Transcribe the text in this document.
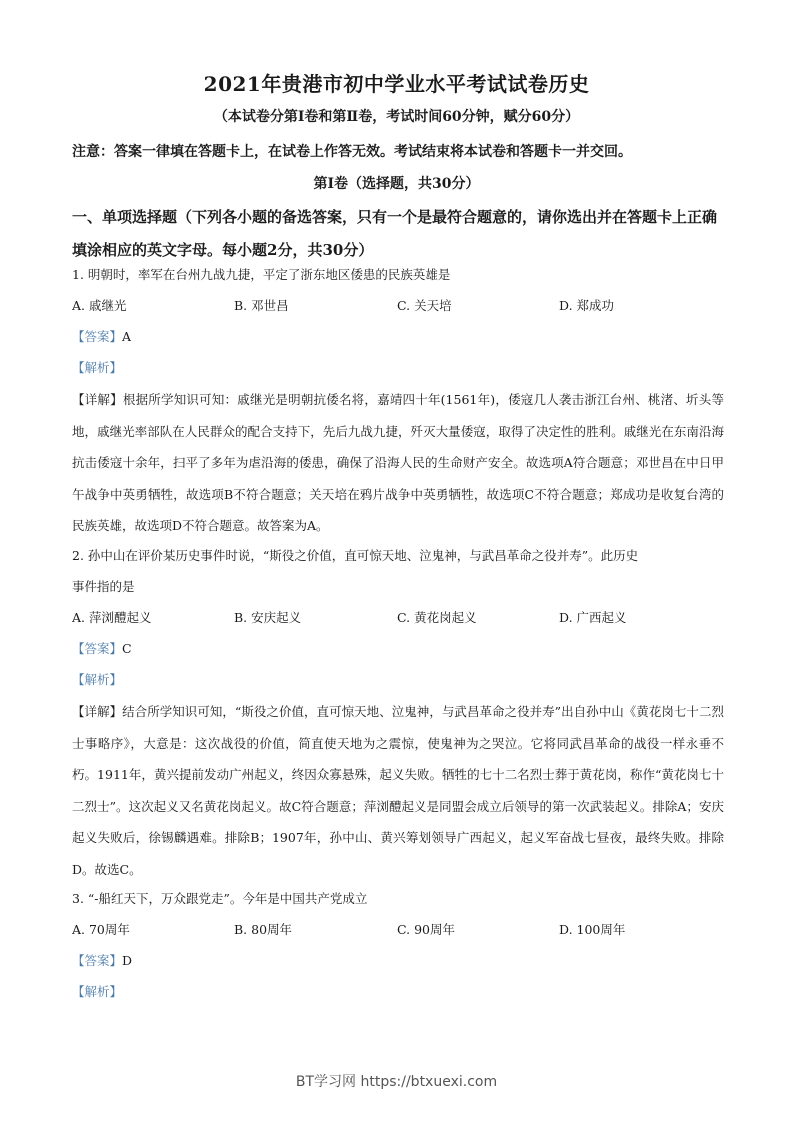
2021年贵港市初中学业水平考试试卷历史
（本试卷分第Ⅰ卷和第Ⅱ卷，考试时间60分钟，赋分60分）
注意：答案一律填在答题卡上，在试卷上作答无效。考试结束将本试卷和答题卡一并交回。
第Ⅰ卷（选择题，共30分）
一、单项选择题（下列各小题的备选答案，只有一个是最符合题意的，请你选出并在答题卡上正确填涂相应的英文字母。每小题2分，共30分）
1. 明朝时，率军在台州九战九捷，平定了浙东地区倭患的民族英雄是
A. 戚继光	B. 邓世昌	C. 关天培	D. 郑成功
【答案】A
【解析】
【详解】根据所学知识可知：戚继光是明朝抗倭名将，嘉靖四十年(1561年)，倭寇几人袭击浙江台州、桃渚、圻头等地，戚继光率部队在人民群众的配合支持下，先后九战九捷，歼灭大量倭寇，取得了决定性的胜利。戚继光在东南沿海抗击倭寇十余年，扫平了多年为虐沿海的倭患，确保了沿海人民的生命财产安全。故选项A符合题意；邓世昌在中日甲午战争中英勇牺牲，故选项B不符合题意；关天培在鸦片战争中英勇牺牲，故选项C不符合题意；郑成功是收复台湾的民族英雄，故选项D不符合题意。故答案为A。
2. 孙中山在评价某历史事件时说，“斯役之价值，直可惊天地、泣鬼神，与武昌革命之役并寿”。此历史
事件指的是
A. 萍浏醴起义	B. 安庆起义	C. 黄花岗起义	D. 广西起义
【答案】C
【解析】
【详解】结合所学知识可知，“斯役之价值，直可惊天地、泣鬼神，与武昌革命之役并寿”出自孙中山《黄花岗七十二烈士事略序》，大意是：这次战役的价值，简直使天地为之震惊，使鬼神为之哭泣。它将同武昌革命的战役一样永垂不朽。1911年，黄兴提前发动广州起义，终因众寡悬殊，起义失败。牺牲的七十二名烈士葬于黄花岗，称作“黄花岗七十二烈士”。这次起义又名黄花岗起义。故C符合题意；萍浏醴起义是同盟会成立后领导的第一次武装起义。排除A；安庆起义失败后，徐锡麟遇难。排除B；1907年，孙中山、黄兴筹划领导广西起义，起义军奋战七昼夜，最终失败。排除D。故选C。
3. “-船红天下，万众跟党走”。今年是中国共产党成立
A. 70周年	B. 80周年	C. 90周年	D. 100周年
【答案】D
【解析】
BT学习网 https://btxuexi.com
